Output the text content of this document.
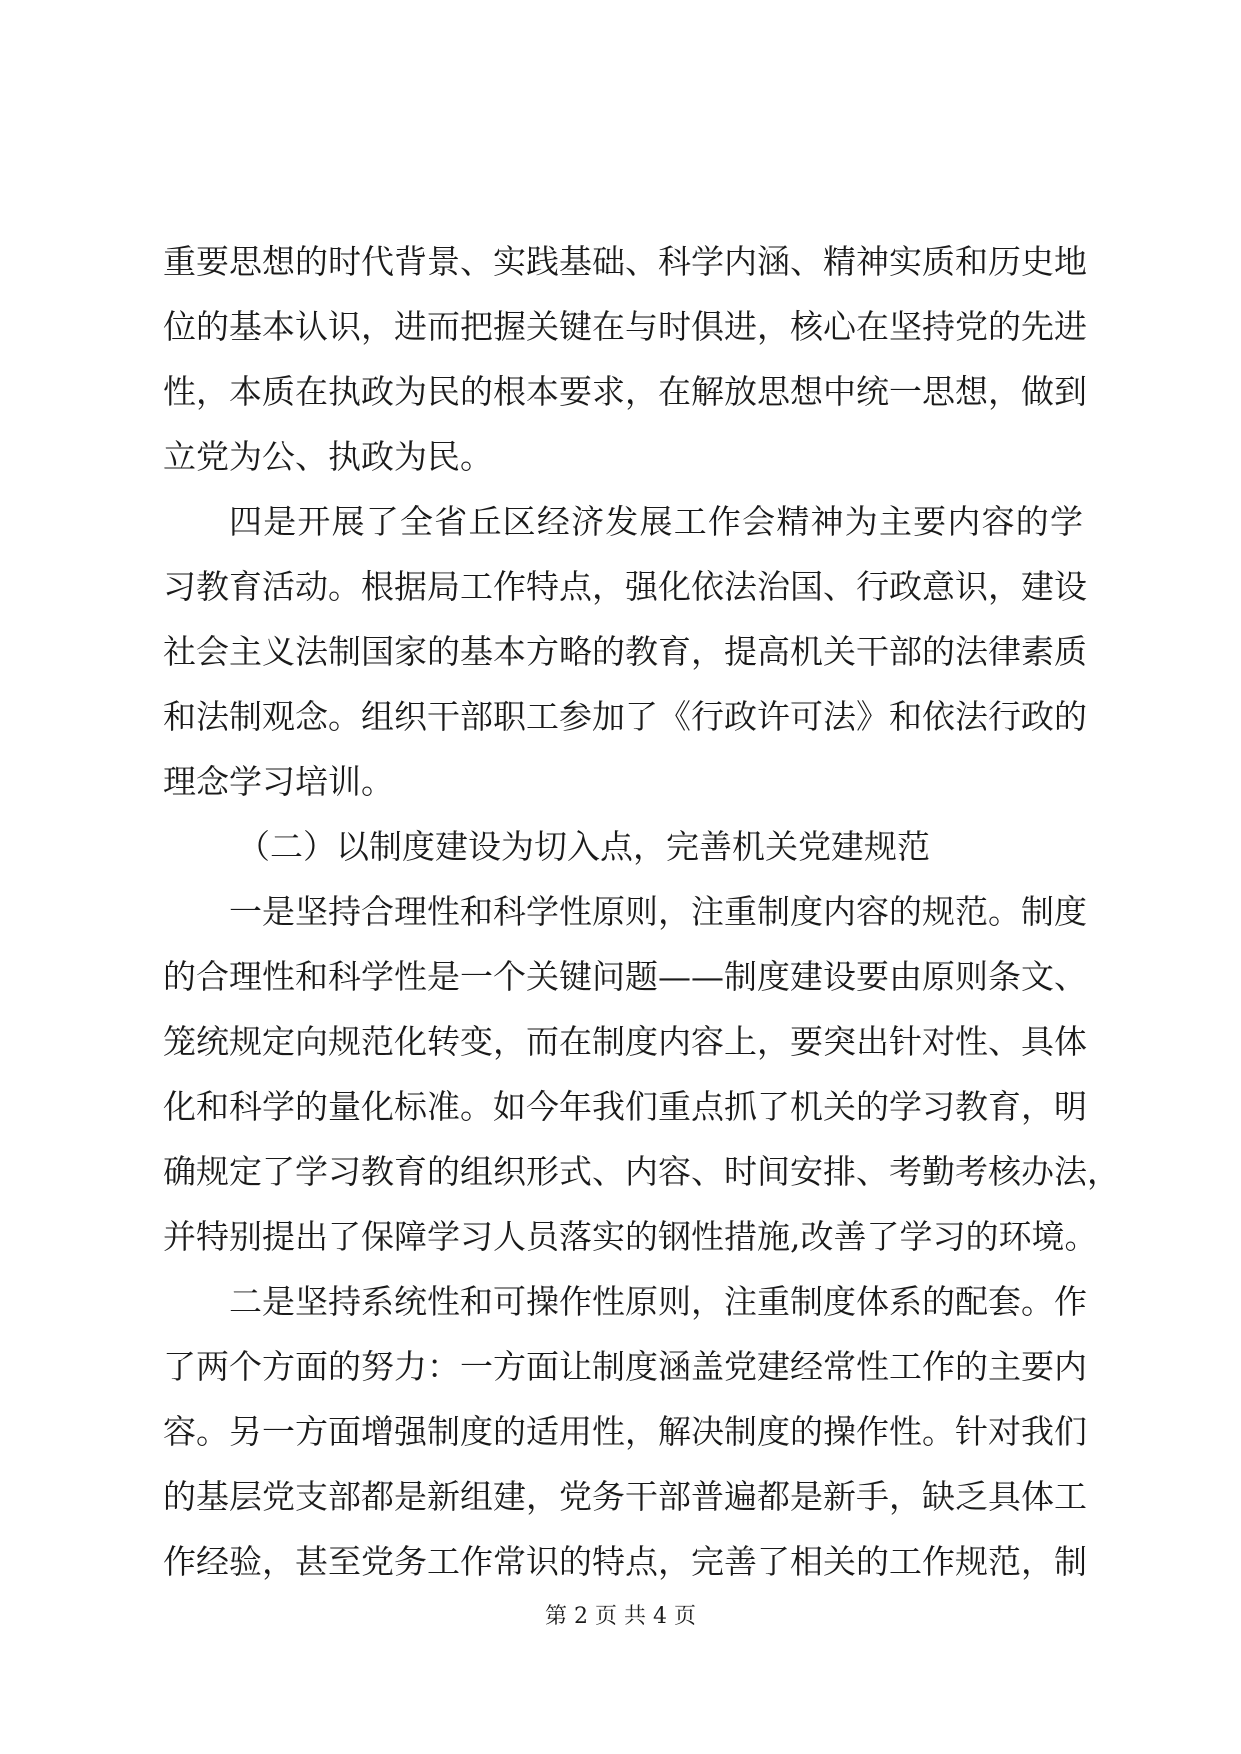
重要思想的时代背景、实践基础、科学内涵、精神实质和历史地
位的基本认识，进而把握关键在与时俱进，核心在坚持党的先进
性，本质在执政为民的根本要求，在解放思想中统一思想，做到
立党为公、执政为民。
四是开展了全省丘区经济发展工作会精神为主要内容的学
习教育活动。根据局工作特点，强化依法治国、行政意识，建设
社会主义法制国家的基本方略的教育，提高机关干部的法律素质
和法制观念。组织干部职工参加了《行政许可法》和依法行政的
理念学习培训。
（二）以制度建设为切入点，完善机关党建规范
一是坚持合理性和科学性原则，注重制度内容的规范。制度
的合理性和科学性是一个关键问题——制度建设要由原则条文、
笼统规定向规范化转变，而在制度内容上，要突出针对性、具体
化和科学的量化标准。如今年我们重点抓了机关的学习教育，明
确规定了学习教育的组织形式、内容、时间安排、考勤考核办法，
并特别提出了保障学习人员落实的钢性措施,改善了学习的环境。
二是坚持系统性和可操作性原则，注重制度体系的配套。作
了两个方面的努力：一方面让制度涵盖党建经常性工作的主要内
容。另一方面增强制度的适用性，解决制度的操作性。针对我们
的基层党支部都是新组建，党务干部普遍都是新手，缺乏具体工
作经验，甚至党务工作常识的特点，完善了相关的工作规范，制
第 2 页 共 4 页
